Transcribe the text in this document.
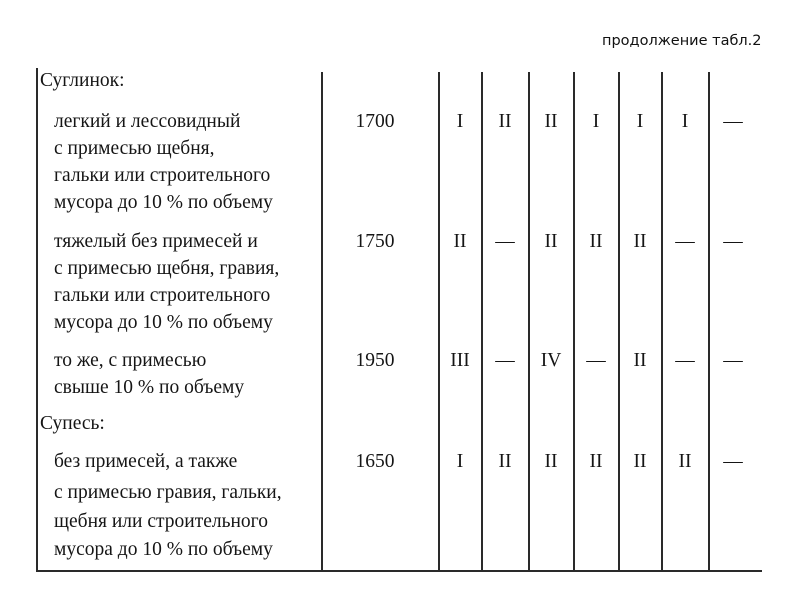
продолжение табл.2
Суглинок:
легкий и лессовидный
с примесью щебня,
гальки или строительного
мусора до 10 % по объему
1700	I	II	II	I	I	I	—
тяжелый без примесей и
с примесью щебня, гравия,
гальки или строительного
мусора до 10 % по объему
1750	II	—	II	II	II	—	—
то же, с примесью
свыше 10 % по объему
1950	III	—	IV	—	II	—	—
Супесь:
без примесей, а также
с примесью гравия, гальки,
щебня или строительного
мусора до 10 % по объему
1650	I	II	II	II	II	II	—
